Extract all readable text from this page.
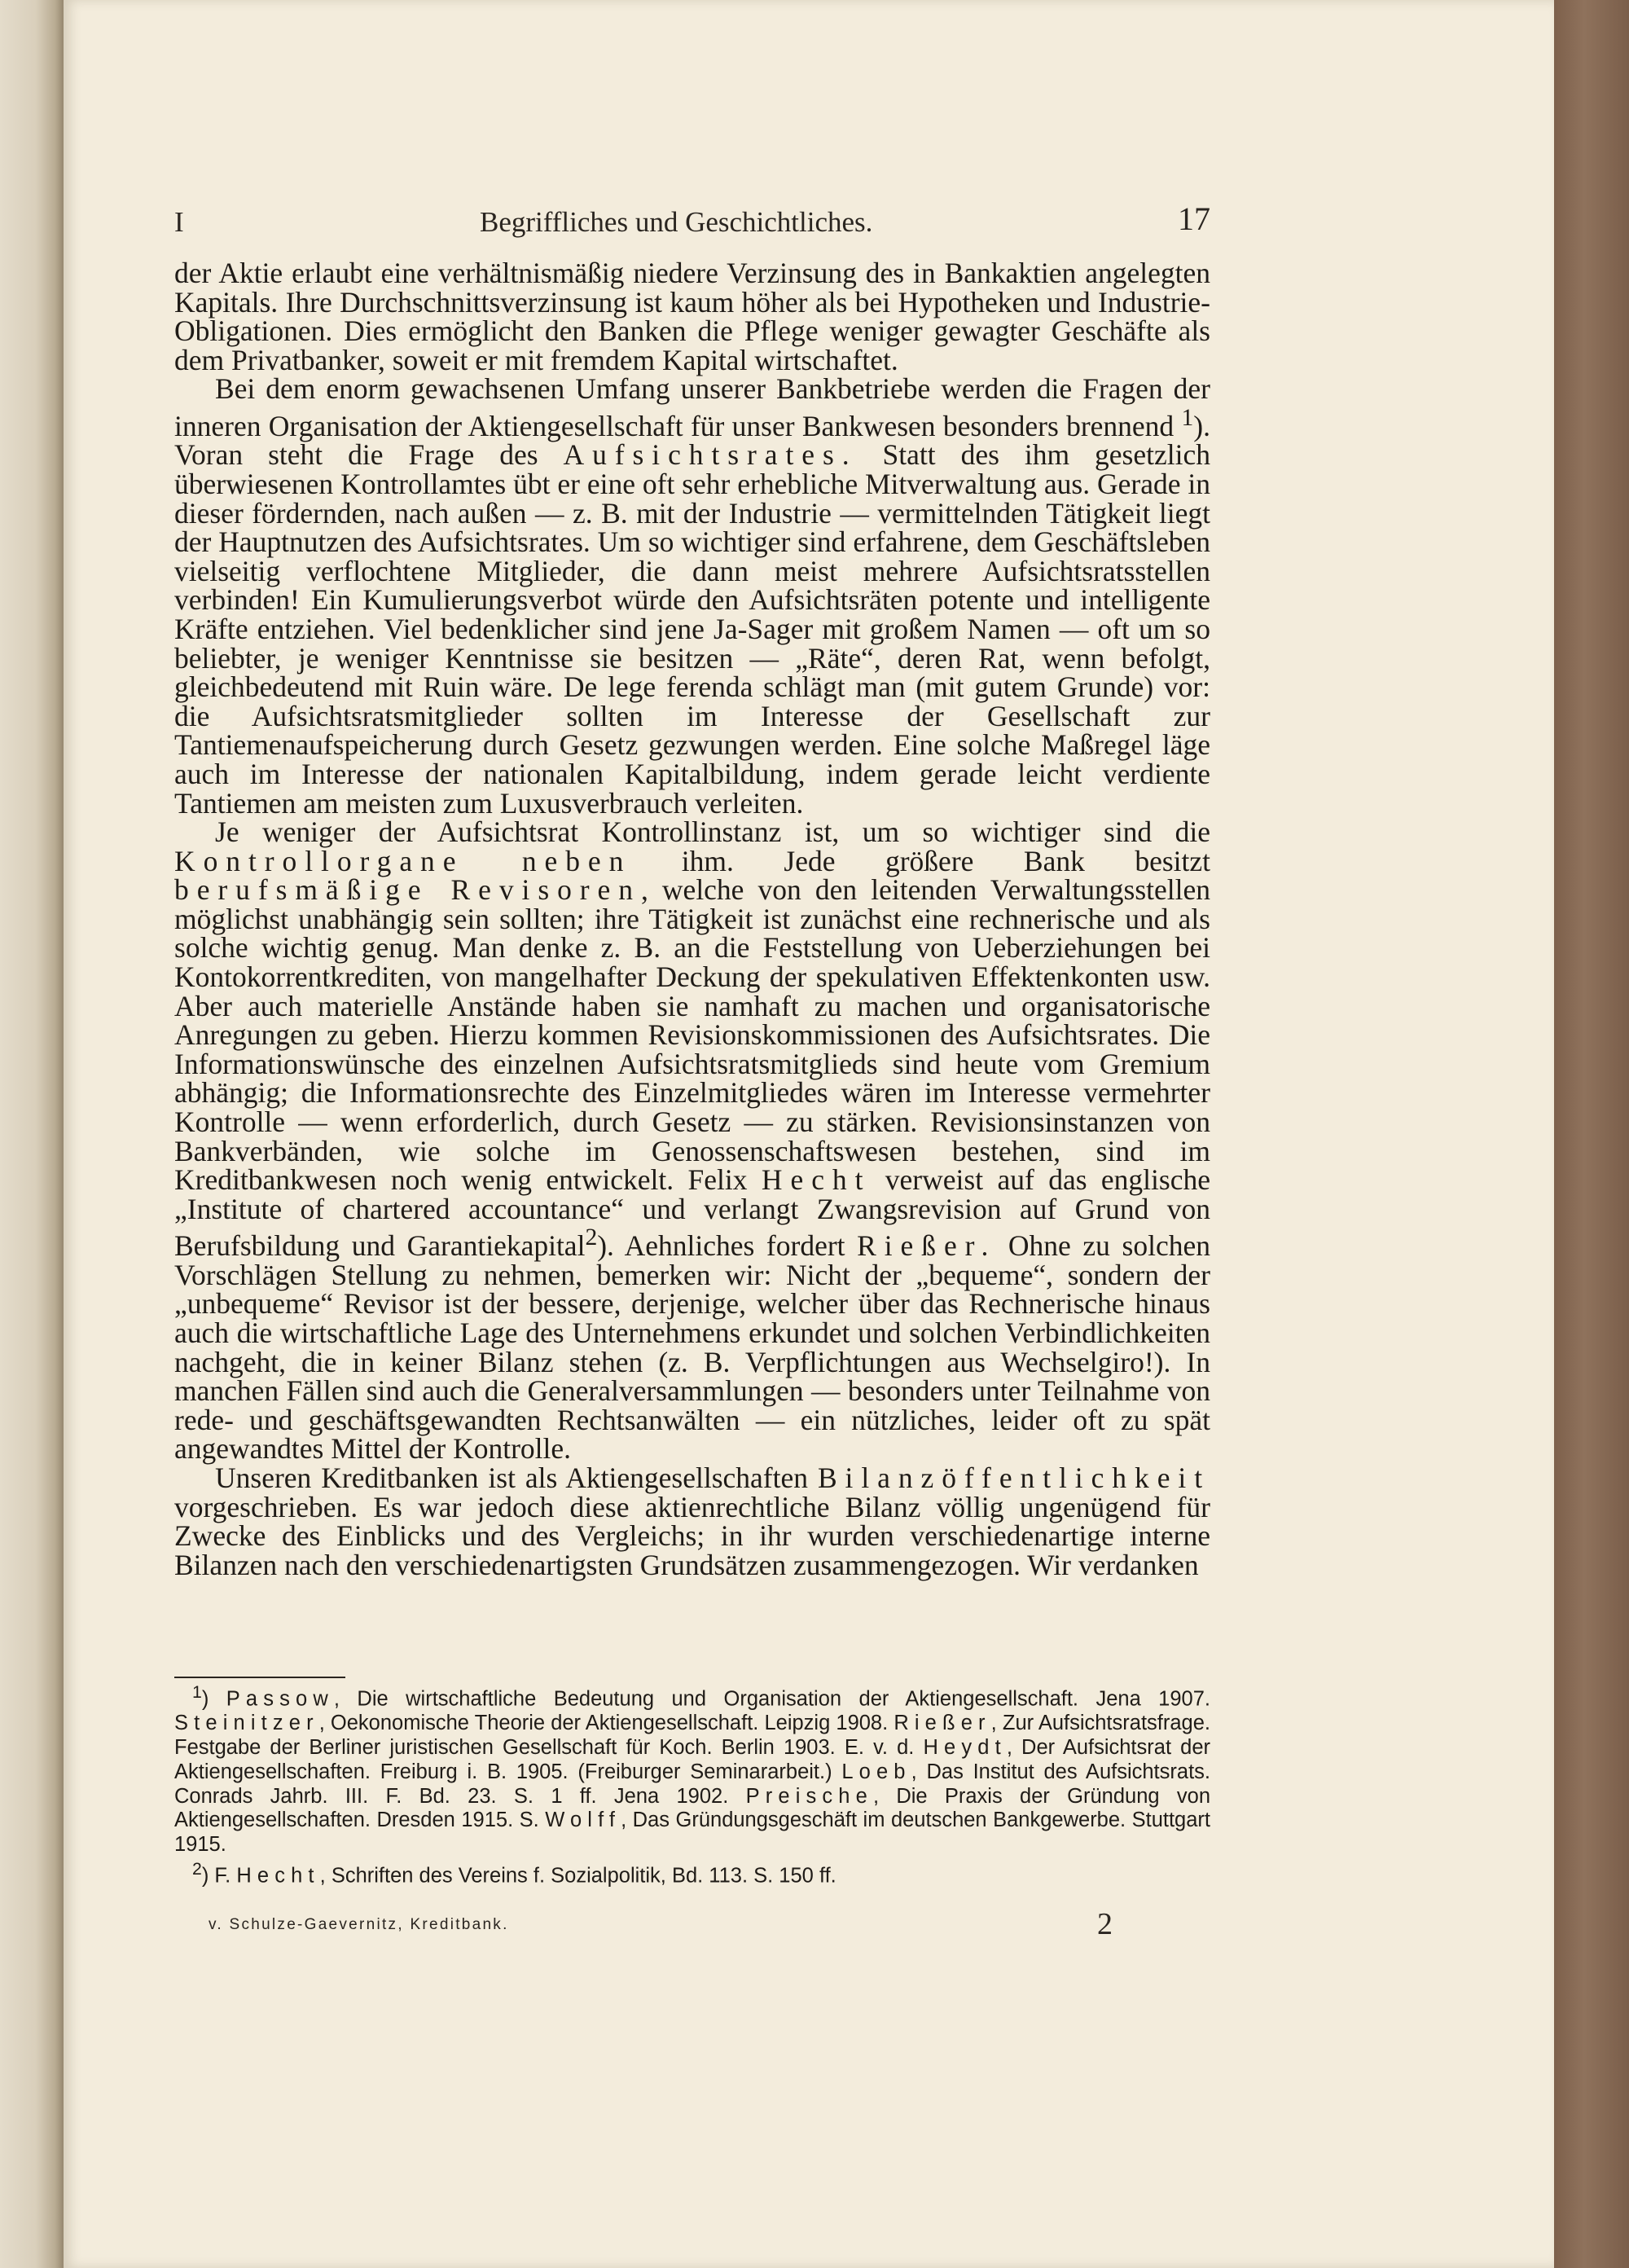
I	Begriffliches und Geschichtliches.	17

der Aktie erlaubt eine verhältnismäßig niedere Verzinsung des in Bankaktien angelegten Kapitals. Ihre Durchschnittsverzinsung ist kaum höher als bei Hypotheken und Industrie-Obligationen. Dies ermöglicht den Banken die Pflege weniger gewagter Geschäfte als dem Privatbanker, soweit er mit fremdem Kapital wirtschaftet.

Bei dem enorm gewachsenen Umfang unserer Bankbetriebe werden die Fragen der inneren Organisation der Aktiengesellschaft für unser Bankwesen besonders brennend $^1$). Voran steht die Frage des Aufsichtsrates. Statt des ihm gesetzlich überwiesenen Kontrollamtes übt er eine oft sehr erhebliche Mitverwaltung aus. Gerade in dieser fördernden, nach außen — z. B. mit der Industrie — vermittelnden Tätigkeit liegt der Hauptnutzen des Aufsichtsrates. Um so wichtiger sind erfahrene, dem Geschäftsleben vielseitig verflochtene Mitglieder, die dann meist mehrere Aufsichtsratsstellen verbinden! Ein Kumulierungsverbot würde den Aufsichtsräten potente und intelligente Kräfte entziehen. Viel bedenklicher sind jene Ja-Sager mit großem Namen — oft um so beliebter, je weniger Kenntnisse sie besitzen — „Räte“, deren Rat, wenn befolgt, gleichbedeutend mit Ruin wäre. De lege ferenda schlägt man (mit gutem Grunde) vor: die Aufsichtsratsmitglieder sollten im Interesse der Gesellschaft zur Tantiemenaufspeicherung durch Gesetz gezwungen werden. Eine solche Maßregel läge auch im Interesse der nationalen Kapitalbildung, indem gerade leicht verdiente Tantiemen am meisten zum Luxusverbrauch verleiten.

Je weniger der Aufsichtsrat Kontrollinstanz ist, um so wichtiger sind die Kontrollorgane neben ihm. Jede größere Bank besitzt berufsmäßige Revisoren, welche von den leitenden Verwaltungsstellen möglichst unabhängig sein sollten; ihre Tätigkeit ist zunächst eine rechnerische und als solche wichtig genug. Man denke z. B. an die Feststellung von Ueberziehungen bei Kontokorrentkrediten, von mangelhafter Deckung der spekulativen Effektenkonten usw. Aber auch materielle Anstände haben sie namhaft zu machen und organisatorische Anregungen zu geben. Hierzu kommen Revisionskommissionen des Aufsichtsrates. Die Informationswünsche des einzelnen Aufsichtsratsmitglieds sind heute vom Gremium abhängig; die Informationsrechte des Einzelmitgliedes wären im Interesse vermehrter Kontrolle — wenn erforderlich, durch Gesetz — zu stärken. Revisionsinstanzen von Bankverbänden, wie solche im Genossenschaftswesen bestehen, sind im Kreditbankwesen noch wenig entwickelt. Felix Hecht verweist auf das englische „Institute of chartered accountance“ und verlangt Zwangsrevision auf Grund von Berufsbildung und Garantiekapital$^2$). Aehnliches fordert Rießer. Ohne zu solchen Vorschlägen Stellung zu nehmen, bemerken wir: Nicht der „bequeme“, sondern der „unbequeme“ Revisor ist der bessere, derjenige, welcher über das Rechnerische hinaus auch die wirtschaftliche Lage des Unternehmens erkundet und solchen Verbindlichkeiten nachgeht, die in keiner Bilanz stehen (z. B. Verpflichtungen aus Wechselgiro!). In manchen Fällen sind auch die Generalversammlungen — besonders unter Teilnahme von rede- und geschäftsgewandten Rechtsanwälten — ein nützliches, leider oft zu spät angewandtes Mittel der Kontrolle.

Unseren Kreditbanken ist als Aktiengesellschaften Bilanzöffentlichkeit vorgeschrieben. Es war jedoch diese aktienrechtliche Bilanz völlig ungenügend für Zwecke des Einblicks und des Vergleichs; in ihr wurden verschiedenartige interne Bilanzen nach den verschiedenartigsten Grundsätzen zusammengezogen. Wir verdanken

$^1$) Passow, Die wirtschaftliche Bedeutung und Organisation der Aktiengesellschaft. Jena 1907. Steinitzer, Oekonomische Theorie der Aktiengesellschaft. Leipzig 1908. Rießer, Zur Aufsichtsratsfrage. Festgabe der Berliner juristischen Gesellschaft für Koch. Berlin 1903. E. v. d. Heydt, Der Aufsichtsrat der Aktiengesellschaften. Freiburg i. B. 1905. (Freiburger Seminararbeit.) Loeb, Das Institut des Aufsichtsrats. Conrads Jahrb. III. F. Bd. 23. S. 1 ff. Jena 1902. Preische, Die Praxis der Gründung von Aktiengesellschaften. Dresden 1915. S. Wolff, Das Gründungsgeschäft im deutschen Bankgewerbe. Stuttgart 1915.

$^2$) F. Hecht, Schriften des Vereins f. Sozialpolitik, Bd. 113. S. 150 ff.

v. Schulze-Gaevernitz, Kreditbank.	2
